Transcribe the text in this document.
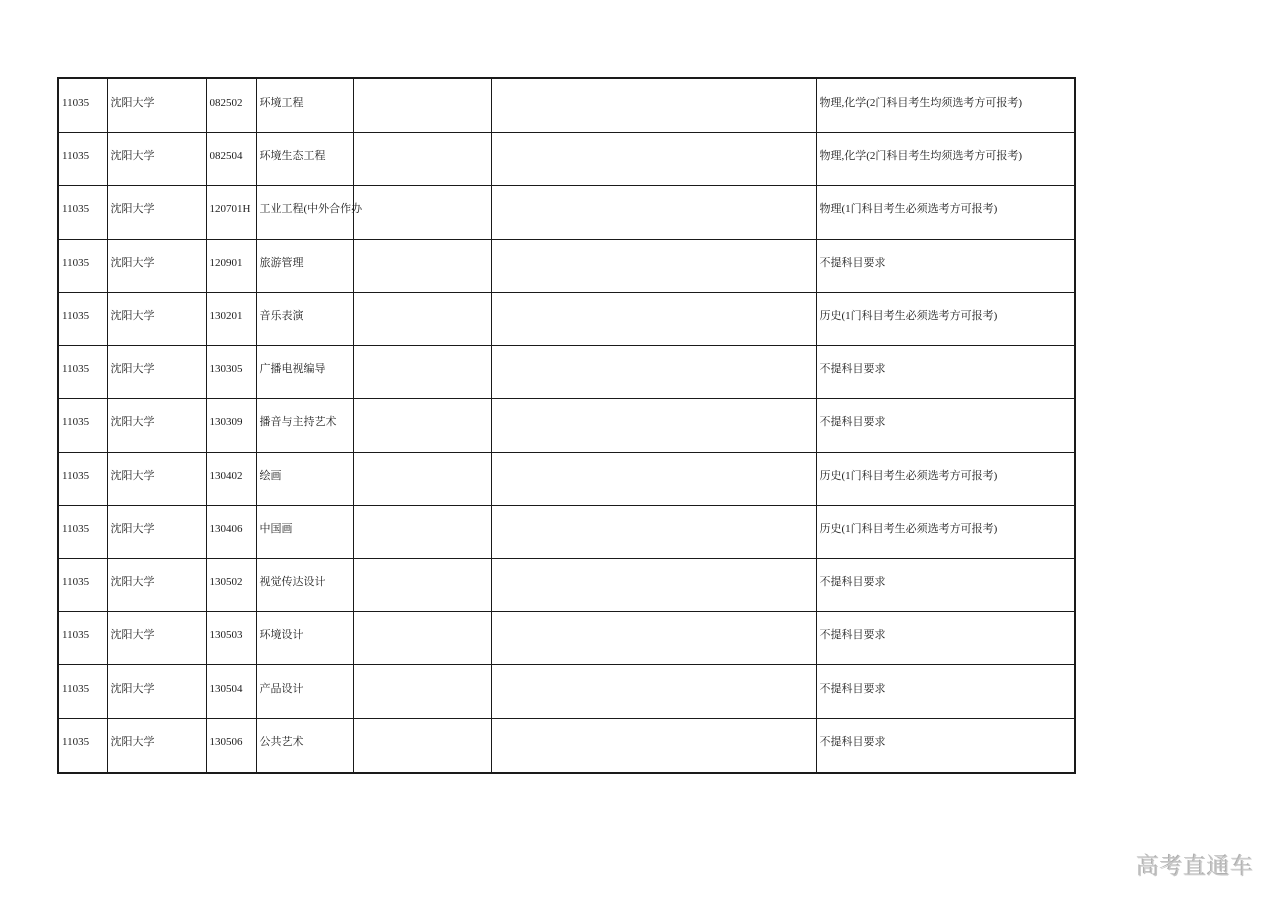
11035	沈阳大学	082502	环境工程			物理,化学(2门科目考生均须选考方可报考)
11035	沈阳大学	082504	环境生态工程			物理,化学(2门科目考生均须选考方可报考)
11035	沈阳大学	120701H	工业工程(中外合作办			物理(1门科目考生必须选考方可报考)
11035	沈阳大学	120901	旅游管理			不提科目要求
11035	沈阳大学	130201	音乐表演			历史(1门科目考生必须选考方可报考)
11035	沈阳大学	130305	广播电视编导			不提科目要求
11035	沈阳大学	130309	播音与主持艺术			不提科目要求
11035	沈阳大学	130402	绘画			历史(1门科目考生必须选考方可报考)
11035	沈阳大学	130406	中国画			历史(1门科目考生必须选考方可报考)
11035	沈阳大学	130502	视觉传达设计			不提科目要求
11035	沈阳大学	130503	环境设计			不提科目要求
11035	沈阳大学	130504	产品设计			不提科目要求
11035	沈阳大学	130506	公共艺术			不提科目要求
高考直通车
